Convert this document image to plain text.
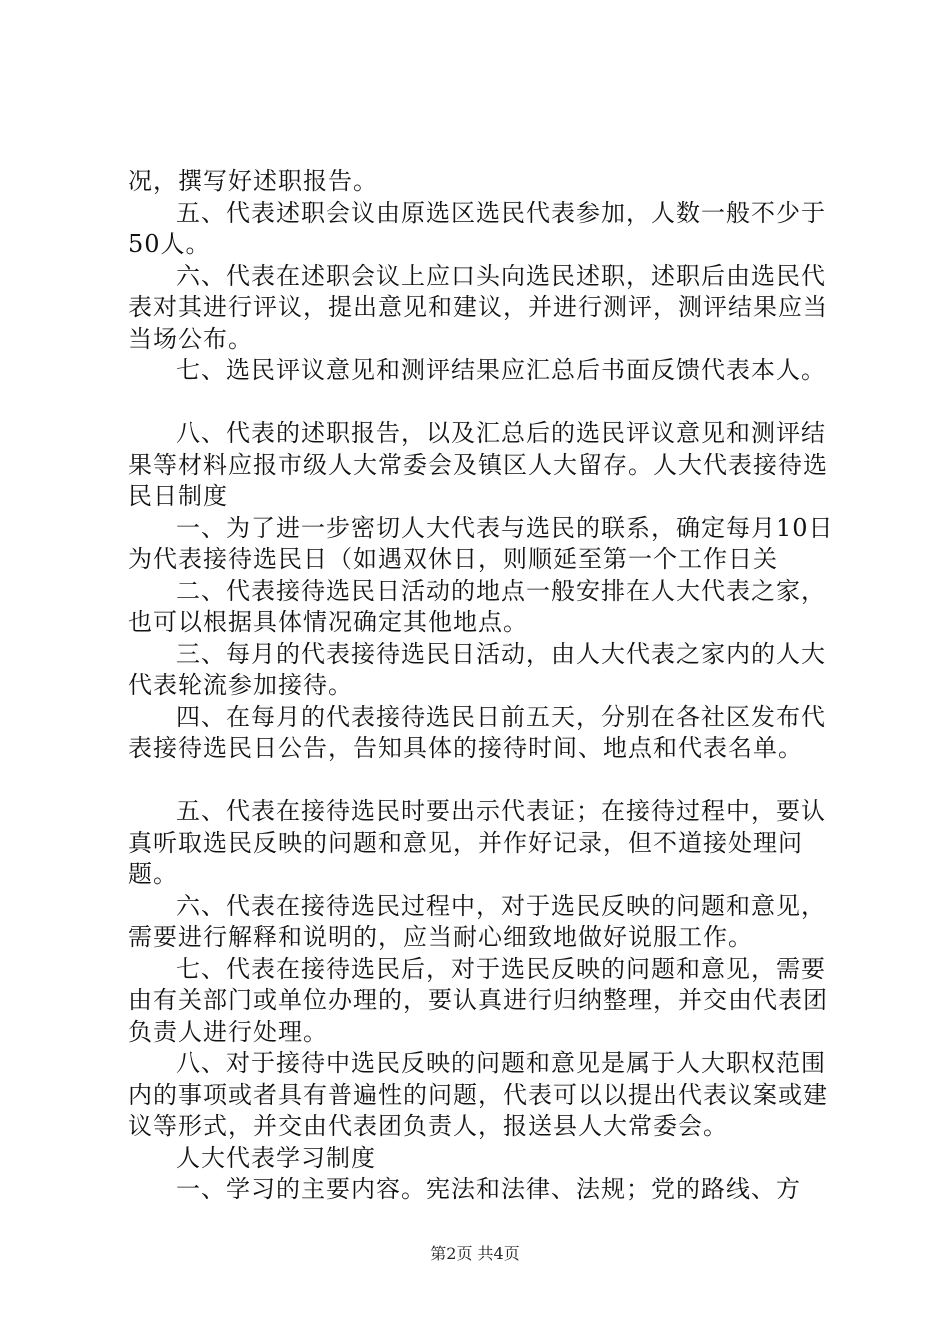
况，撰写好述职报告。

五、代表述职会议由原选区选民代表参加，人数一般不少于50人。

六、代表在述职会议上应口头向选民述职，述职后由选民代表对其进行评议，提出意见和建议，并进行测评，测评结果应当当场公布。

七、选民评议意见和测评结果应汇总后书面反馈代表本人。

八、代表的述职报告，以及汇总后的选民评议意见和测评结果等材料应报市级人大常委会及镇区人大留存。人大代表接待选民日制度

一、为了进一步密切人大代表与选民的联系，确定每月10日为代表接待选民日（如遇双休日，则顺延至第一个工作日关

二、代表接待选民日活动的地点一般安排在人大代表之家，也可以根据具体情况确定其他地点。

三、每月的代表接待选民日活动，由人大代表之家内的人大代表轮流参加接待。

四、在每月的代表接待选民日前五天，分别在各社区发布代表接待选民日公告，告知具体的接待时间、地点和代表名单。

五、代表在接待选民时要出示代表证；在接待过程中，要认真听取选民反映的问题和意见，并作好记录，但不道接处理问题。

六、代表在接待选民过程中，对于选民反映的问题和意见，需要进行解释和说明的，应当耐心细致地做好说服工作。

七、代表在接待选民后，对于选民反映的问题和意见，需要由有关部门或单位办理的，要认真进行归纳整理，并交由代表团负责人进行处理。

八、对于接待中选民反映的问题和意见是属于人大职权范围内的事项或者具有普遍性的问题，代表可以以提出代表议案或建议等形式，并交由代表团负责人，报送县人大常委会。

人大代表学习制度

一、学习的主要内容。宪法和法律、法规；党的路线、方

第2页 共4页
